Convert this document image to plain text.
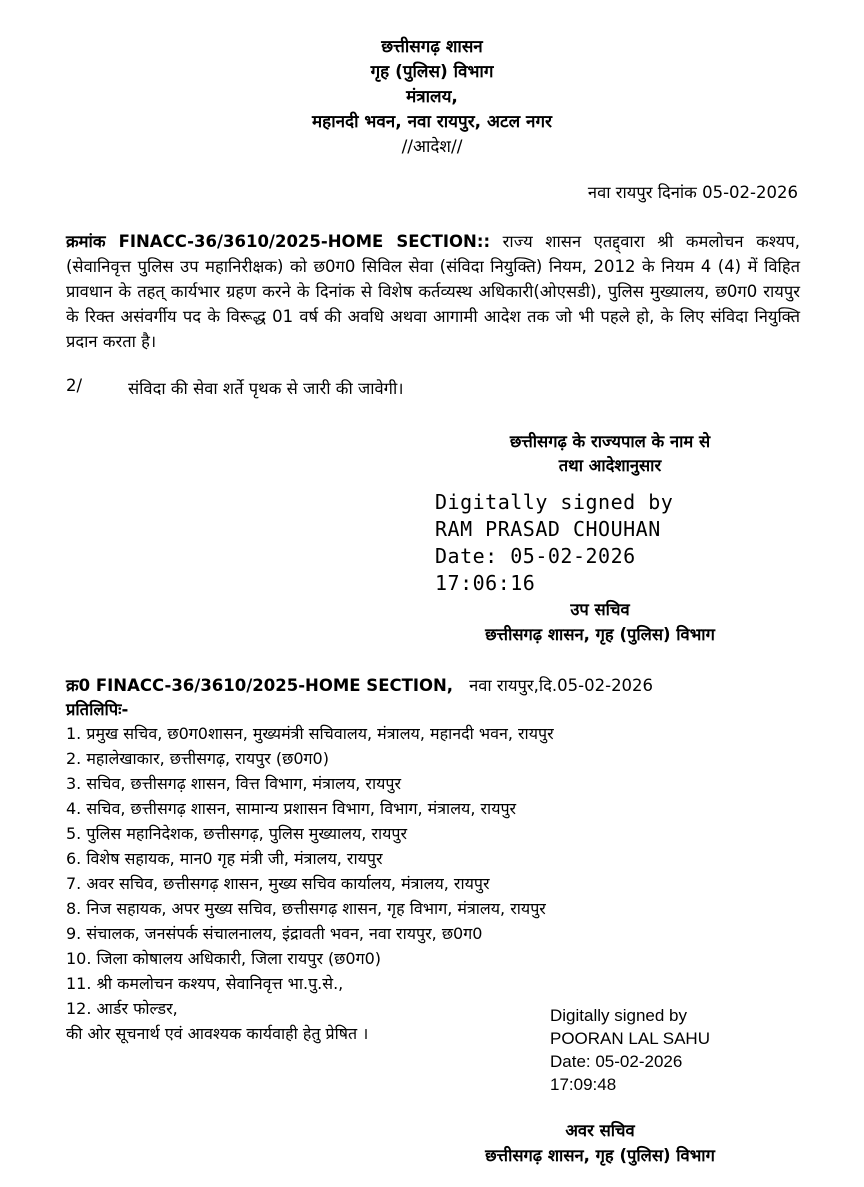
छत्तीसगढ़ शासन
गृह (पुलिस) विभाग
मंत्रालय,
महानदी भवन, नवा रायपुर, अटल नगर
//आदेश//
नवा रायपुर दिनांक 05-02-2026
क्रमांक FINACC-36/3610/2025-HOME SECTION:: राज्य शासन एतद्द्वारा श्री कमलोचन कश्यप,(सेवानिवृत्त पुलिस उप महानिरीक्षक) को छ0ग0 सिविल सेवा (संविदा नियुक्ति) नियम, 2012 के नियम 4 (4) में विहित प्रावधान के तहत् कार्यभार ग्रहण करने के दिनांक से विशेष कर्तव्यस्थ अधिकारी(ओएसडी), पुलिस मुख्यालय, छ0ग0 रायपुर के रिक्त असंवर्गीय पद के विरूद्ध 01 वर्ष की अवधि अथवा आगामी आदेश तक जो भी पहले हो, के लिए संविदा नियुक्ति प्रदान करता है।
2/	संविदा की सेवा शर्ते पृथक से जारी की जावेगी।
छत्तीसगढ़ के राज्यपाल के नाम से
तथा आदेशानुसार
Digitally signed by
RAM PRASAD CHOUHAN
Date: 05-02-2026
17:06:16
उप सचिव
छत्तीसगढ़ शासन, गृह (पुलिस) विभाग
क्र0 FINACC-36/3610/2025-HOME SECTION, नवा रायपुर,दि.05-02-2026
प्रतिलिपिः-
1. प्रमुख सचिव, छ0ग0शासन, मुख्यमंत्री सचिवालय, मंत्रालय, महानदी भवन, रायपुर
2. महालेखाकार, छत्तीसगढ़, रायपुर (छ0ग0)
3. सचिव, छत्तीसगढ़ शासन, वित्त विभाग, मंत्रालय, रायपुर
4. सचिव, छत्तीसगढ़ शासन, सामान्य प्रशासन विभाग, विभाग, मंत्रालय, रायपुर
5. पुलिस महानिदेशक, छत्तीसगढ़, पुलिस मुख्यालय, रायपुर
6. विशेष सहायक, मान0 गृह मंत्री जी, मंत्रालय, रायपुर
7. अवर सचिव, छत्तीसगढ़ शासन, मुख्य सचिव कार्यालय, मंत्रालय, रायपुर
8. निज सहायक, अपर मुख्य सचिव, छत्तीसगढ़ शासन, गृह विभाग, मंत्रालय, रायपुर
9. संचालक, जनसंपर्क संचालनालय, इंद्रावती भवन, नवा रायपुर, छ0ग0
10. जिला कोषालय अधिकारी, जिला रायपुर (छ0ग0)
11. श्री कमलोचन कश्यप, सेवानिवृत्त भा.पु.से.,
12. आर्डर फोल्डर,
की ओर सूचनार्थ एवं आवश्यक कार्यवाही हेतु प्रेषित ।
Digitally signed by
POORAN LAL SAHU
Date: 05-02-2026
17:09:48
अवर सचिव
छत्तीसगढ़ शासन, गृह (पुलिस) विभाग
